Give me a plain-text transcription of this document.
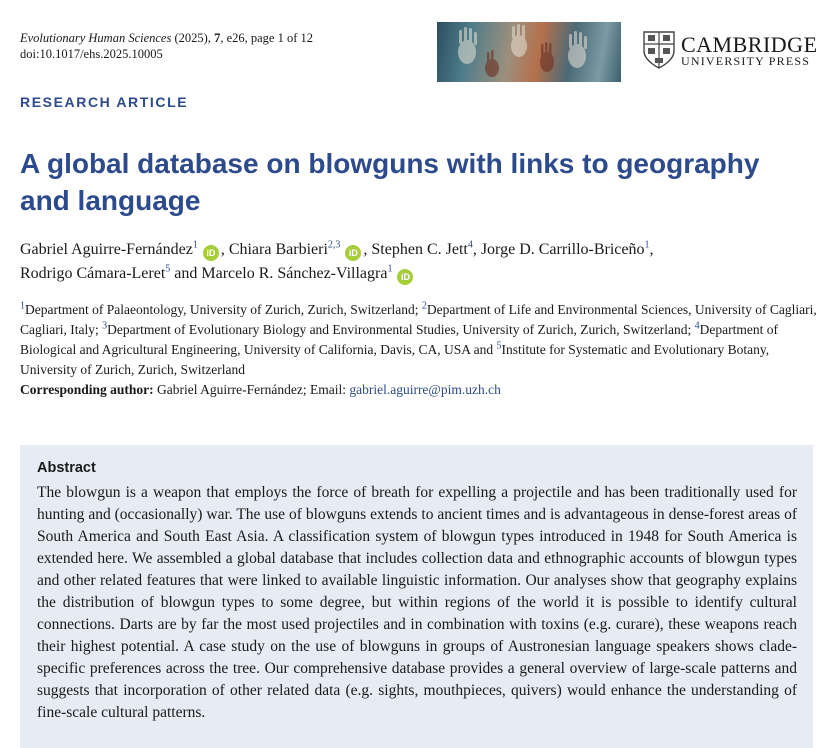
Evolutionary Human Sciences (2025), 7, e26, page 1 of 12
doi:10.1017/ehs.2025.10005	CAMBRIDGE
UNIVERSITY PRESS
RESEARCH ARTICLE
A global database on blowguns with links to geography and language
Gabriel Aguirre-Fernández$^1$iD , Chiara Barbieri$^{2,3}$iD , Stephen C. Jett$^4$, Jorge D. Carrillo-Briceño$^1$,
Rodrigo Cámara-Leret$^5$ and Marcelo R. Sánchez-Villagra$^1$iD

$^1$Department of Palaeontology, University of Zurich, Zurich, Switzerland; $^2$Department of Life and Environmental Sciences, University of Cagliari, Cagliari, Italy; $^3$Department of Evolutionary Biology and Environmental Studies, University of Zurich, Zurich, Switzerland; $^4$Department of Biological and Agricultural Engineering, University of California, Davis, CA, USA and $^5$Institute for Systematic and Evolutionary Botany, University of Zurich, Zurich, Switzerland

Corresponding author: Gabriel Aguirre-Fernández; Email: gabriel.aguirre@pim.uzh.ch
Abstract

The blowgun is a weapon that employs the force of breath for expelling a projectile and has been traditionally used for hunting and (occasionally) war. The use of blowguns extends to ancient times and is advantageous in dense-forest areas of South America and South East Asia. A classification system of blowgun types introduced in 1948 for South America is extended here. We assembled a global database that includes collection data and ethnographic accounts of blowgun types and other related features that were linked to available linguistic information. Our analyses show that geography explains the distribution of blowgun types to some degree, but within regions of the world it is possible to identify cultural connections. Darts are by far the most used projectiles and in combination with toxins (e.g. curare), these weapons reach their highest potential. A case study on the use of blowguns in groups of Austronesian language speakers shows clade-specific preferences across the tree. Our comprehensive database provides a general overview of large-scale patterns and suggests that incorporation of other related data (e.g. sights, mouthpieces, quivers) would enhance the understanding of fine-scale cultural patterns.
